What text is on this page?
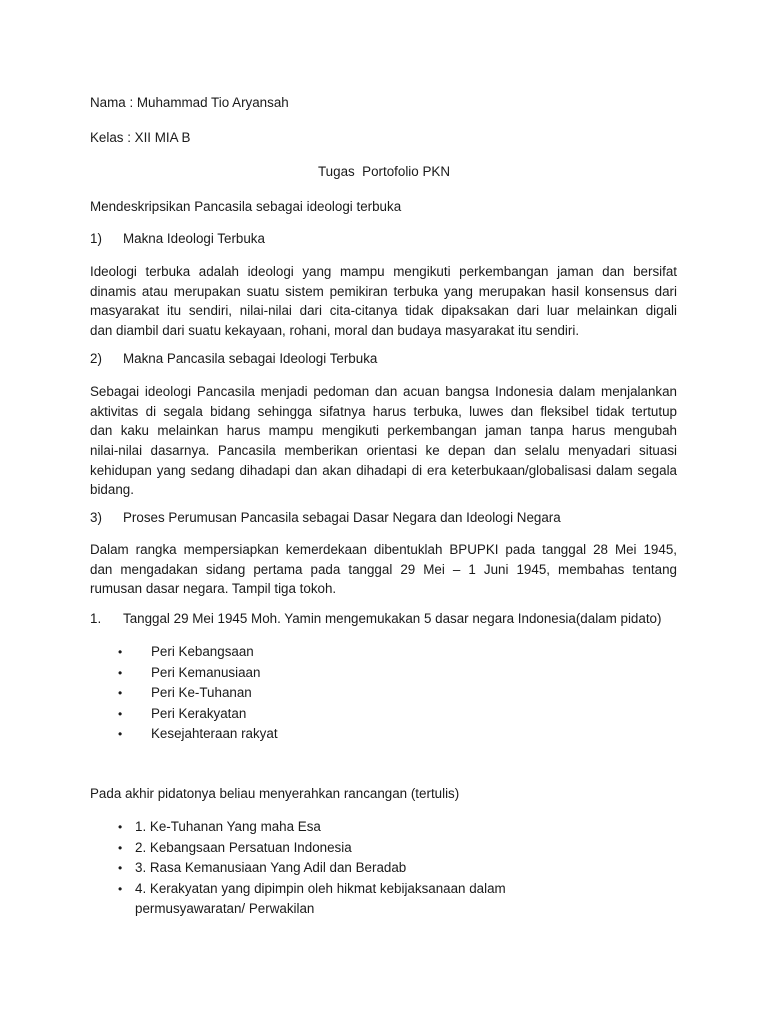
Nama : Muhammad Tio Aryansah
Kelas : XII MIA B
Tugas  Portofolio PKN
Mendeskripsikan Pancasila sebagai ideologi terbuka
1) Makna Ideologi Terbuka
Ideologi terbuka adalah ideologi yang mampu mengikuti perkembangan jaman dan bersifat
dinamis atau merupakan suatu sistem pemikiran terbuka yang merupakan hasil konsensus dari
masyarakat itu sendiri, nilai-nilai dari cita-citanya tidak dipaksakan dari luar melainkan digali
dan diambil dari suatu kekayaan, rohani, moral dan budaya masyarakat itu sendiri.
2) Makna Pancasila sebagai Ideologi Terbuka
Sebagai ideologi Pancasila menjadi pedoman dan acuan bangsa Indonesia dalam menjalankan
aktivitas di segala bidang sehingga sifatnya harus terbuka, luwes dan fleksibel tidak tertutup
dan kaku melainkan harus mampu mengikuti perkembangan jaman tanpa harus mengubah
nilai-nilai dasarnya. Pancasila memberikan orientasi ke depan dan selalu menyadari situasi
kehidupan yang sedang dihadapi dan akan dihadapi di era keterbukaan/globalisasi dalam segala
bidang.
3) Proses Perumusan Pancasila sebagai Dasar Negara dan Ideologi Negara
Dalam rangka mempersiapkan kemerdekaan dibentuklah BPUPKI pada tanggal 28 Mei 1945,
dan mengadakan sidang pertama pada tanggal 29 Mei – 1 Juni 1945, membahas tentang
rumusan dasar negara. Tampil tiga tokoh.
1. Tanggal 29 Mei 1945 Moh. Yamin mengemukakan 5 dasar negara Indonesia(dalam pidato)
• Peri Kebangsaan
• Peri Kemanusiaan
• Peri Ke-Tuhanan
• Peri Kerakyatan
• Kesejahteraan rakyat
Pada akhir pidatonya beliau menyerahkan rancangan (tertulis)
• 1. Ke-Tuhanan Yang maha Esa
• 2. Kebangsaan Persatuan Indonesia
• 3. Rasa Kemanusiaan Yang Adil dan Beradab
• 4. Kerakyatan yang dipimpin oleh hikmat kebijaksanaan dalam
permusyawaratan/ Perwakilan
